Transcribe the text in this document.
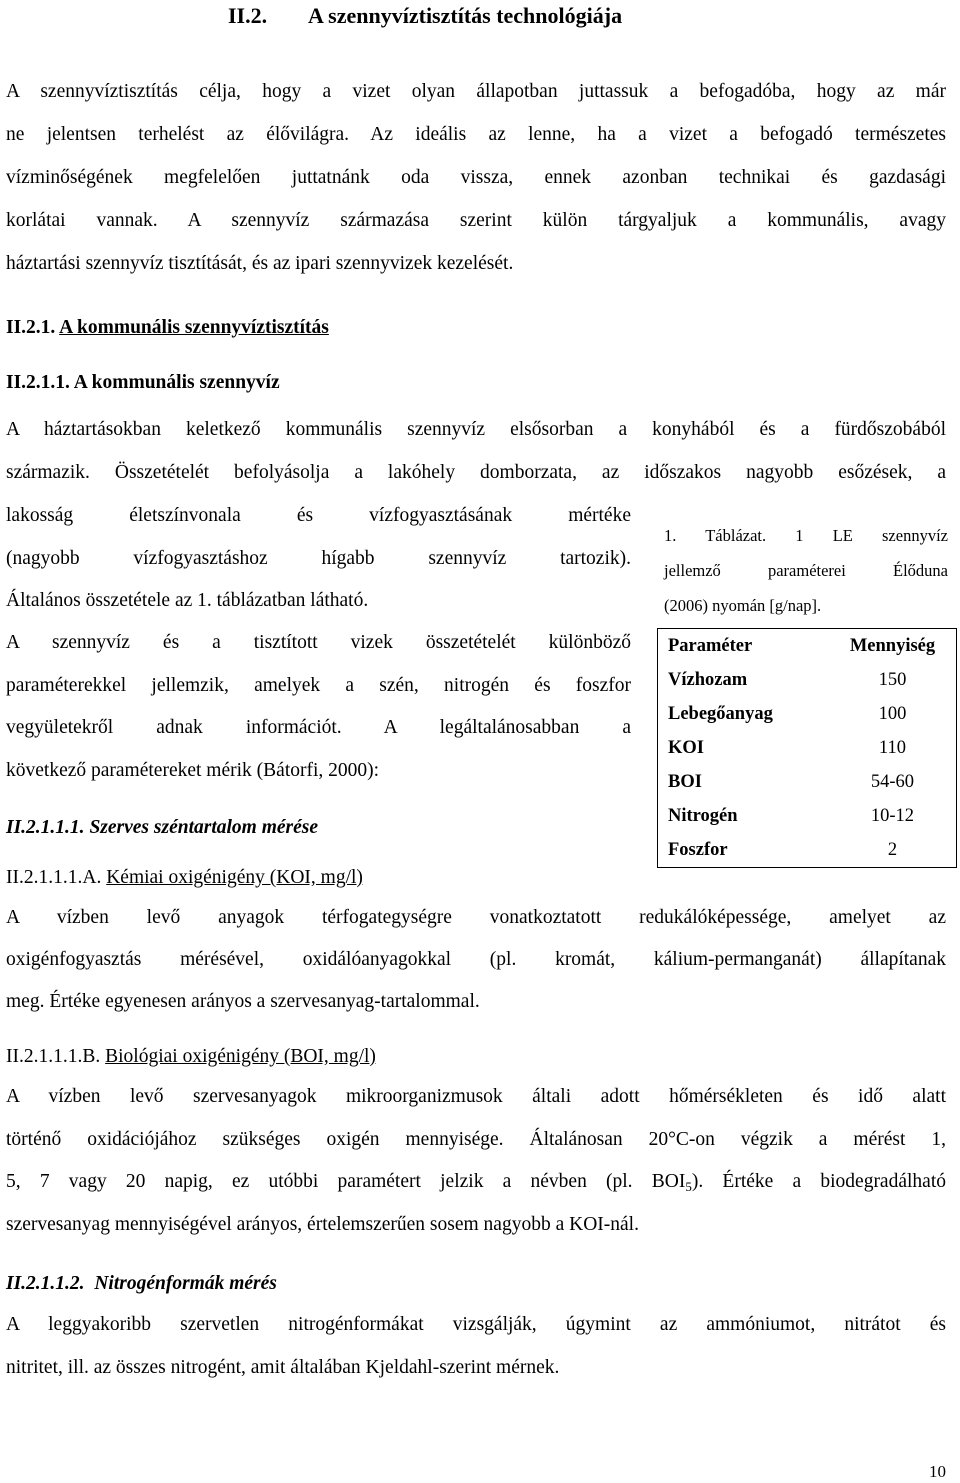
II.2. A szennyvíztisztítás technológiája

A szennyvíztisztítás célja, hogy a vizet olyan állapotban juttassuk a befogadóba, hogy az már

ne jelentsen terhelést az élővilágra. Az ideális az lenne, ha a vizet a befogadó természetes

vízminőségének megfelelően juttatnánk oda vissza, ennek azonban technikai és gazdasági

korlátai vannak. A szennyvíz származása szerint külön tárgyaljuk a kommunális, avagy

háztartási szennyvíz tisztítását, és az ipari szennyvizek kezelését.

II.2.1. A kommunális szennyvíztisztítás

II.2.1.1. A kommunális szennyvíz

A háztartásokban keletkező kommunális szennyvíz elsősorban a konyhából és a fürdőszobából

származik. Összetételét befolyásolja a lakóhely domborzata, az időszakos nagyobb esőzések, a

lakosság életszínvonala és vízfogyasztásának mértéke

(nagyobb vízfogyasztáshoz hígabb szennyvíz tartozik).

Általános összetétele az 1. táblázatban látható.

A szennyvíz és a tisztított vizek összetételét különböző

paraméterekkel jellemzik, amelyek a szén, nitrogén és foszfor

vegyületekről adnak információt. A legáltalánosabban a

következő paramétereket mérik (Bátorfi, 2000):

1. Táblázat. 1 LE szennyvíz

jellemző paraméterei Élőduna

(2006) nyomán [g/nap].

Paraméter	Mennyiség
Vízhozam	150
Lebegőanyag	100
KOI	110
BOI	54-60
Nitrogén	10-12
Foszfor	2

II.2.1.1.1. Szerves széntartalom mérése

II.2.1.1.1.A. Kémiai oxigénigény (KOI, mg/l)

A vízben levő anyagok térfogategységre vonatkoztatott redukálóképessége, amelyet az

oxigénfogyasztás mérésével, oxidálóanyagokkal (pl. kromát, kálium-permanganát) állapítanak

meg. Értéke egyenesen arányos a szervesanyag-tartalommal.

II.2.1.1.1.B. Biológiai oxigénigény (BOI, mg/l)

A vízben levő szervesanyagok mikroorganizmusok általi adott hőmérsékleten és idő alatt

történő oxidációjához szükséges oxigén mennyisége. Általánosan 20°C-on végzik a mérést 1,

5, 7 vagy 20 napig, ez utóbbi paramétert jelzik a névben (pl. $BOI_5$). Értéke a biodegradálható

szervesanyag mennyiségével arányos, értelemszerűen sosem nagyobb a KOI-nál.

II.2.1.1.2. Nitrogénformák mérés

A leggyakoribb szervetlen nitrogénformákat vizsgálják, úgymint az ammóniumot, nitrátot és

nitritet, ill. az összes nitrogént, amit általában Kjeldahl-szerint mérnek.

10
